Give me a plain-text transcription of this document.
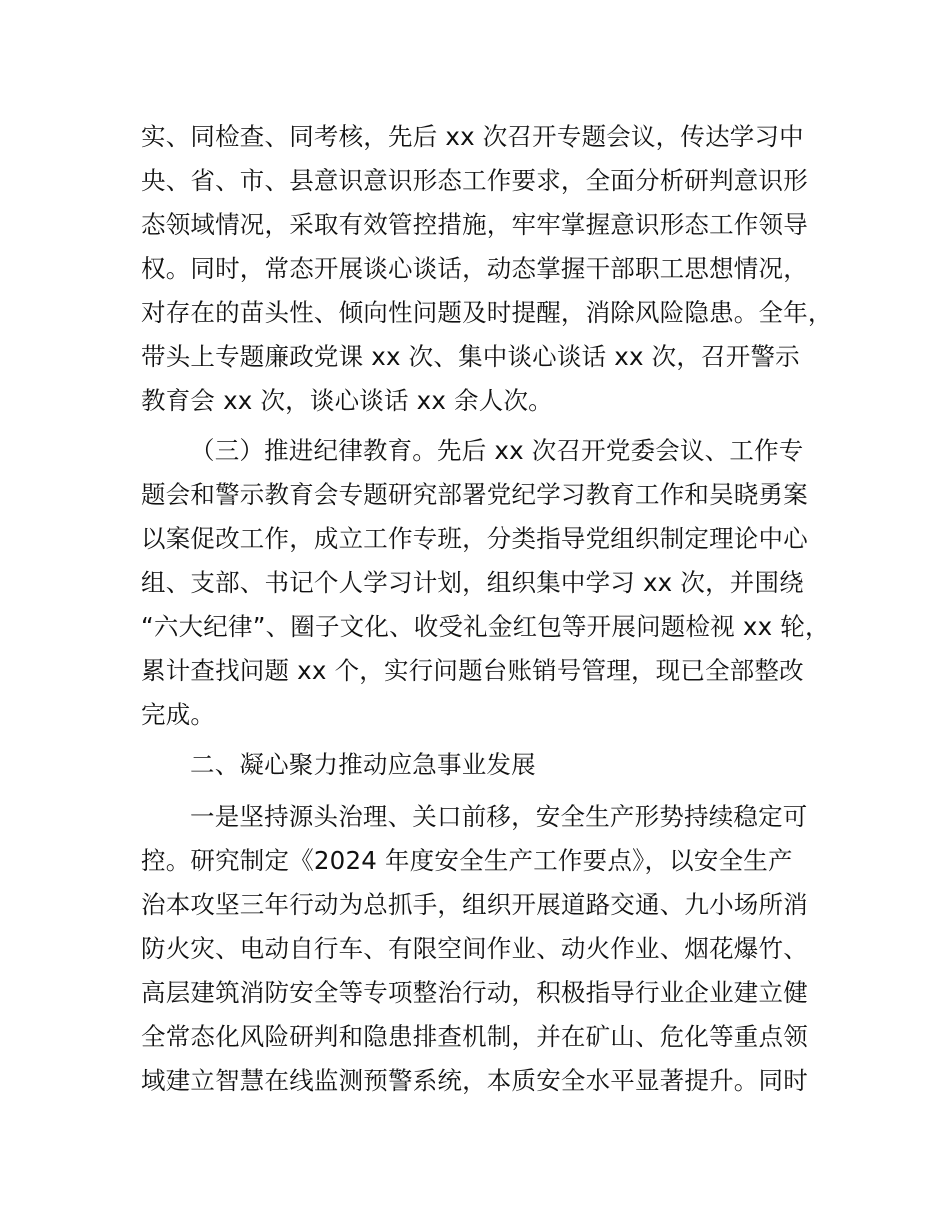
实、同检查、同考核，先后 xx 次召开专题会议，传达学习中
央、省、市、县意识意识形态工作要求，全面分析研判意识形
态领域情况，采取有效管控措施，牢牢掌握意识形态工作领导
权。同时，常态开展谈心谈话，动态掌握干部职工思想情况，
对存在的苗头性、倾向性问题及时提醒，消除风险隐患。全年，
带头上专题廉政党课 xx 次、集中谈心谈话 xx 次，召开警示
教育会 xx 次，谈心谈话 xx 余人次。
（三）推进纪律教育。先后 xx 次召开党委会议、工作专
题会和警示教育会专题研究部署党纪学习教育工作和吴晓勇案
以案促改工作，成立工作专班，分类指导党组织制定理论中心
组、支部、书记个人学习计划，组织集中学习 xx 次，并围绕
“六大纪律”、圈子文化、收受礼金红包等开展问题检视 xx 轮，
累计查找问题 xx 个，实行问题台账销号管理，现已全部整改
完成。
二、凝心聚力推动应急事业发展
一是坚持源头治理、关口前移，安全生产形势持续稳定可
控。研究制定《2024 年度安全生产工作要点》，以安全生产
治本攻坚三年行动为总抓手，组织开展道路交通、九小场所消
防火灾、电动自行车、有限空间作业、动火作业、烟花爆竹、
高层建筑消防安全等专项整治行动，积极指导行业企业建立健
全常态化风险研判和隐患排查机制，并在矿山、危化等重点领
域建立智慧在线监测预警系统，本质安全水平显著提升。同时
